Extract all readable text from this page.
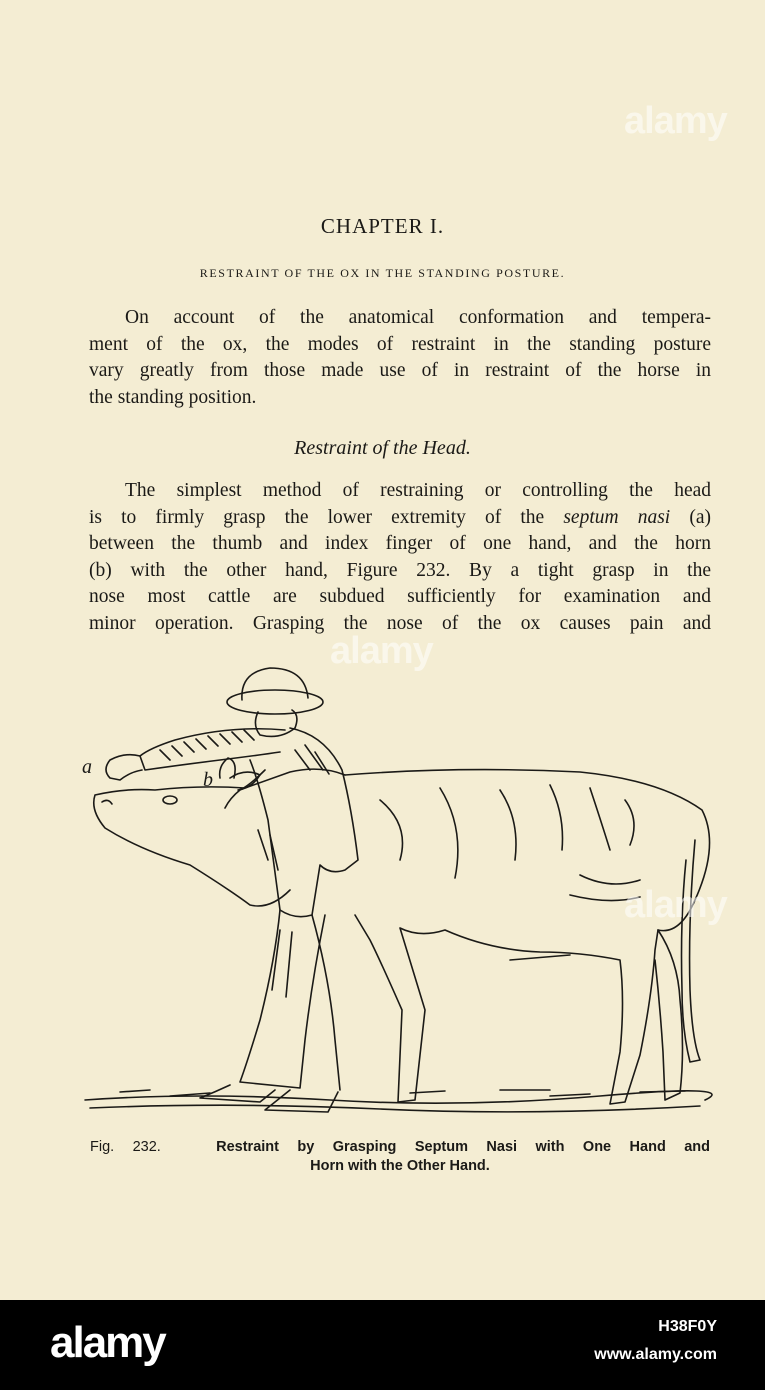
alamy
CHAPTER I.
RESTRAINT OF THE OX IN THE STANDING POSTURE.
On account of the anatomical conformation and tempera-
ment of the ox, the modes of restraint in the standing posture
vary greatly from those made use of in restraint of the horse in
the standing position.
Restraint of the Head.
The simplest method of restraining or controlling the head
is to firmly grasp the lower extremity of the septum nasi (a)
between the thumb and index finger of one hand, and the horn
(b) with the other hand, Figure 232. By a tight grasp in the
nose most cattle are subdued sufficiently for examination and
minor operation. Grasping the nose of the ox causes pain and
alamy
a
b
alamy
Fig. 232.	Restraint by Grasping Septum Nasi with One Hand and
Horn with the Other Hand.
alamy	H38F0Y
www.alamy.com
